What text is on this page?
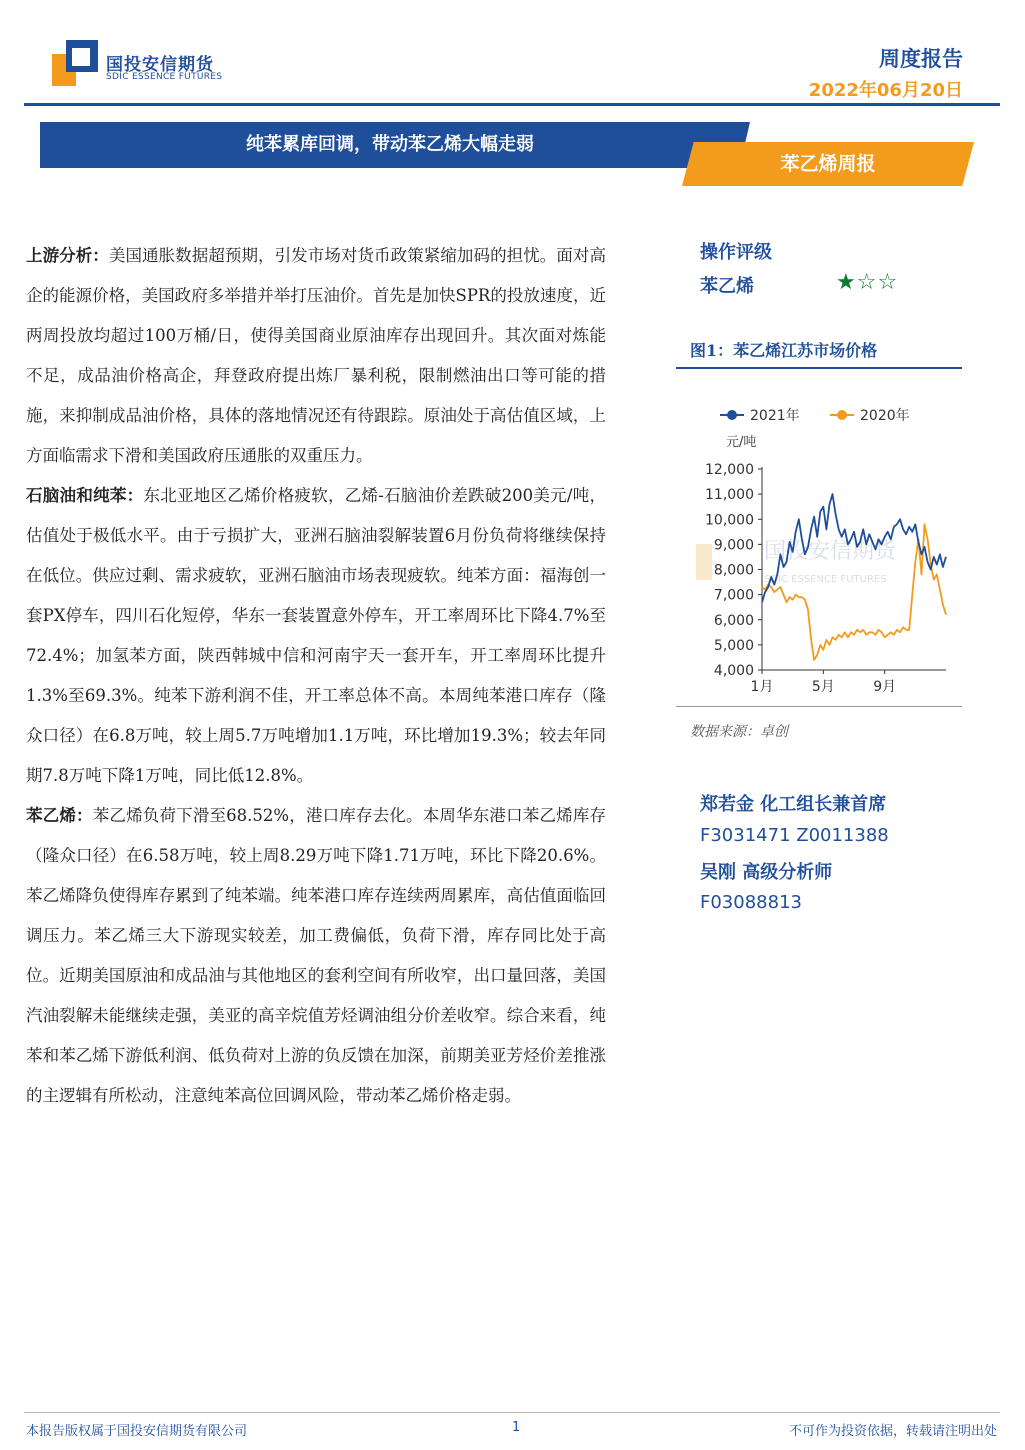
国投安信期货
SDIC ESSENCE FUTURES
周度报告
2022年06月20日
纯苯累库回调，带动苯乙烯大幅走弱
苯乙烯周报

上游分析：美国通胀数据超预期，引发市场对货币政策紧缩加码的担忧。面对高企的能源价格，美国政府多举措并举打压油价。首先是加快SPR的投放速度，近两周投放均超过100万桶/日，使得美国商业原油库存出现回升。其次面对炼能不足，成品油价格高企，拜登政府提出炼厂暴利税，限制燃油出口等可能的措施，来抑制成品油价格，具体的落地情况还有待跟踪。原油处于高估值区域，上方面临需求下滑和美国政府压通胀的双重压力。

石脑油和纯苯：东北亚地区乙烯价格疲软，乙烯-石脑油价差跌破200美元/吨，估值处于极低水平。由于亏损扩大，亚洲石脑油裂解装置6月份负荷将继续保持在低位。供应过剩、需求疲软，亚洲石脑油市场表现疲软。纯苯方面：福海创一套PX停车，四川石化短停，华东一套装置意外停车，开工率周环比下降4.7%至72.4%；加氢苯方面，陕西韩城中信和河南宇天一套开车，开工率周环比提升1.3%至69.3%。纯苯下游利润不佳，开工率总体不高。本周纯苯港口库存（隆众口径）在6.8万吨，较上周5.7万吨增加1.1万吨，环比增加19.3%；较去年同期7.8万吨下降1万吨，同比低12.8%。

苯乙烯：苯乙烯负荷下滑至68.52%，港口库存去化。本周华东港口苯乙烯库存（隆众口径）在6.58万吨，较上周8.29万吨下降1.71万吨，环比下降20.6%。苯乙烯降负使得库存累到了纯苯端。纯苯港口库存连续两周累库，高估值面临回调压力。苯乙烯三大下游现实较差，加工费偏低，负荷下滑，库存同比处于高位。近期美国原油和成品油与其他地区的套利空间有所收窄，出口量回落，美国汽油裂解未能继续走强，美亚的高辛烷值芳烃调油组分价差收窄。综合来看，纯苯和苯乙烯下游低利润、低负荷对上游的负反馈在加深，前期美亚芳烃价差推涨的主逻辑有所松动，注意纯苯高位回调风险，带动苯乙烯价格走弱。

操作评级
苯乙烯	★☆☆
图1：苯乙烯江苏市场价格
国投安信期货
SDIC ESSENCE FUTURES
2021年	2020年
元/吨
4,000
5,000
6,000
7,000
8,000
9,000
10,000
11,000
12,000
1月	5月	9月
数据来源：卓创
郑若金 化工组长兼首席
F3031471 Z0011388
吴刚 高级分析师
F03088813
本报告版权属于国投安信期货有限公司	1	不可作为投资依据，转载请注明出处
